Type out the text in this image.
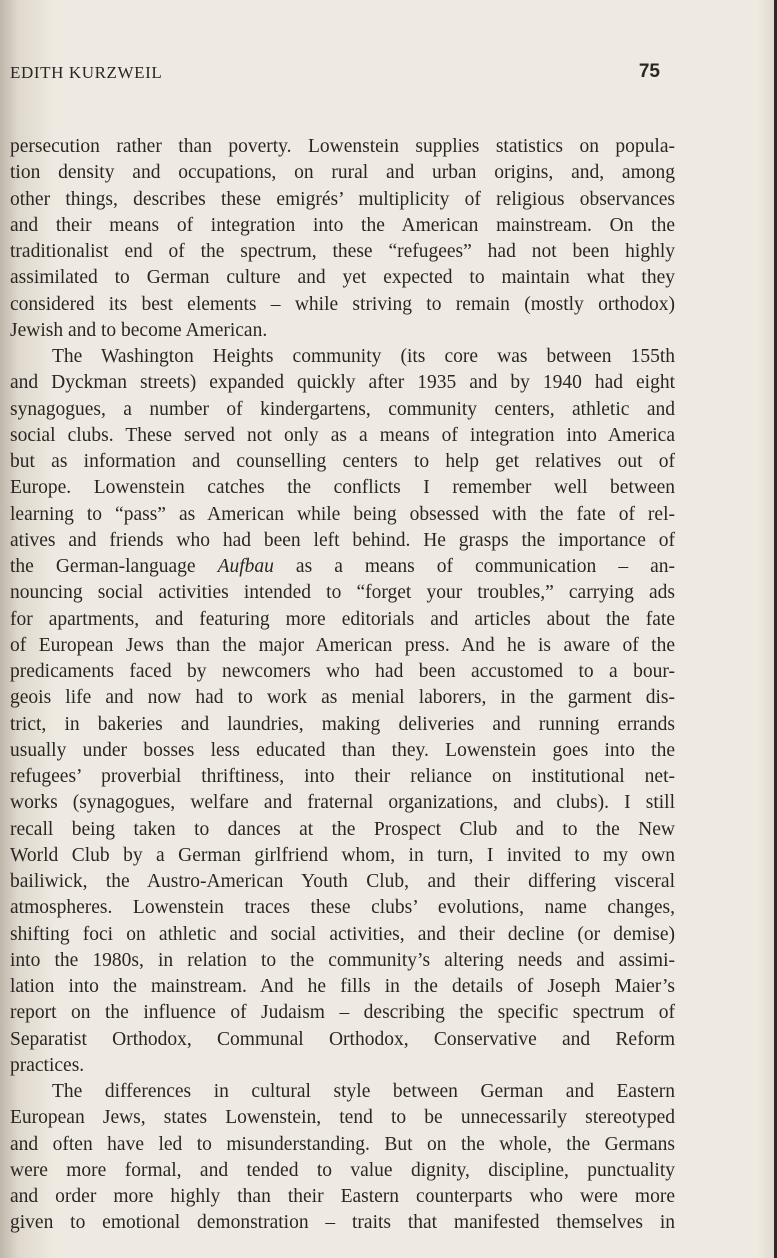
EDITH KURZWEIL	75
persecution rather than poverty. Lowenstein supplies statistics on popula-
tion density and occupations, on rural and urban origins, and, among
other things, describes these emigrés’ multiplicity of religious observances
and their means of integration into the American mainstream. On the
traditionalist end of the spectrum, these “refugees” had not been highly
assimilated to German culture and yet expected to maintain what they
considered its best elements – while striving to remain (mostly orthodox)
Jewish and to become American.
The Washington Heights community (its core was between 155th
and Dyckman streets) expanded quickly after 1935 and by 1940 had eight
synagogues, a number of kindergartens, community centers, athletic and
social clubs. These served not only as a means of integration into America
but as information and counselling centers to help get relatives out of
Europe. Lowenstein catches the conflicts I remember well between
learning to “pass” as American while being obsessed with the fate of rel-
atives and friends who had been left behind. He grasps the importance of
the German-language Aufbau as a means of communication – an-
nouncing social activities intended to “forget your troubles,” carrying ads
for apartments, and featuring more editorials and articles about the fate
of European Jews than the major American press. And he is aware of the
predicaments faced by newcomers who had been accustomed to a bour-
geois life and now had to work as menial laborers, in the garment dis-
trict, in bakeries and laundries, making deliveries and running errands
usually under bosses less educated than they. Lowenstein goes into the
refugees’ proverbial thriftiness, into their reliance on institutional net-
works (synagogues, welfare and fraternal organizations, and clubs). I still
recall being taken to dances at the Prospect Club and to the New
World Club by a German girlfriend whom, in turn, I invited to my own
bailiwick, the Austro-American Youth Club, and their differing visceral
atmospheres. Lowenstein traces these clubs’ evolutions, name changes,
shifting foci on athletic and social activities, and their decline (or demise)
into the 1980s, in relation to the community’s altering needs and assimi-
lation into the mainstream. And he fills in the details of Joseph Maier’s
report on the influence of Judaism – describing the specific spectrum of
Separatist Orthodox, Communal Orthodox, Conservative and Reform
practices.
The differences in cultural style between German and Eastern
European Jews, states Lowenstein, tend to be unnecessarily stereotyped
and often have led to misunderstanding. But on the whole, the Germans
were more formal, and tended to value dignity, discipline, punctuality
and order more highly than their Eastern counterparts who were more
given to emotional demonstration – traits that manifested themselves in
